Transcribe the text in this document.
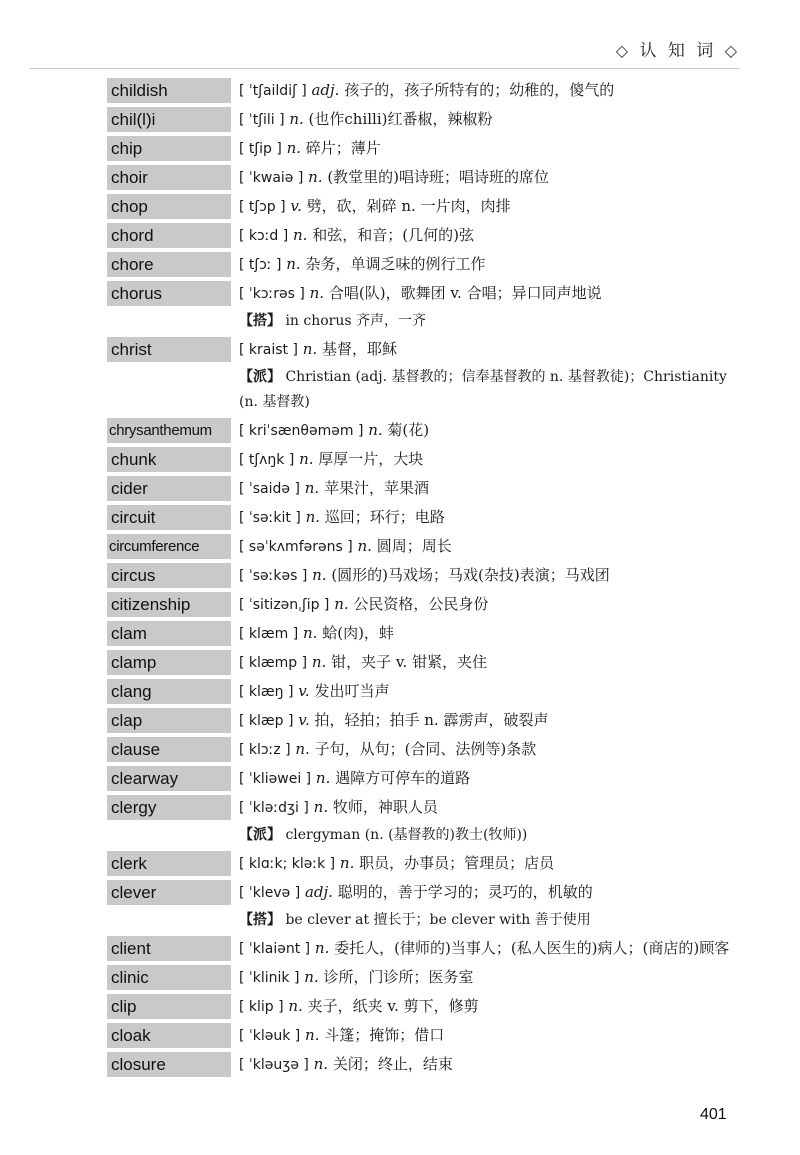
◇ 认 知 词 ◇
childish	[ ˈtʃaildiʃ ] adj. 孩子的，孩子所特有的；幼稚的，傻气的
chil(l)i	[ ˈtʃili ] n. (也作chilli)红番椒，辣椒粉
chip	[ tʃip ] n. 碎片；薄片
choir	[ ˈkwaiə ] n. (教堂里的)唱诗班；唱诗班的席位
chop	[ tʃɔp ] v. 劈，砍，剁碎 n. 一片肉，肉排
chord	[ kɔːd ] n. 和弦，和音；(几何的)弦
chore	[ tʃɔː ] n. 杂务，单调乏味的例行工作
chorus	[ ˈkɔːrəs ] n. 合唱(队)，歌舞团 v. 合唱；异口同声地说
【搭】 in chorus 齐声，一齐
christ	[ kraist ] n. 基督，耶稣
【派】 Christian (adj. 基督教的；信奉基督教的 n. 基督教徒)；Christianity (n. 基督教)
chrysanthemum	[ kriˈsænθəməm ] n. 菊(花)
chunk	[ tʃʌŋk ] n. 厚厚一片，大块
cider	[ ˈsaidə ] n. 苹果汁，苹果酒
circuit	[ ˈsəːkit ] n. 巡回；环行；电路
circumference	[ səˈkʌmfərəns ] n. 圆周；周长
circus	[ ˈsəːkəs ] n. (圆形的)马戏场；马戏(杂技)表演；马戏团
citizenship	[ ˈsitizənˌʃip ] n. 公民资格，公民身份
clam	[ klæm ] n. 蛤(肉)，蚌
clamp	[ klæmp ] n. 钳，夹子 v. 钳紧，夹住
clang	[ klæŋ ] v. 发出叮当声
clap	[ klæp ] v. 拍，轻拍；拍手 n. 霹雳声，破裂声
clause	[ klɔːz ] n. 子句，从句；(合同、法例等)条款
clearway	[ ˈkliəwei ] n. 遇障方可停车的道路
clergy	[ ˈkləːdʒi ] n. 牧师，神职人员
【派】 clergyman (n. (基督教的)教士(牧师))
clerk	[ klɑːk; kləːk ] n. 职员，办事员；管理员；店员
clever	[ ˈklevə ] adj. 聪明的，善于学习的；灵巧的，机敏的
【搭】 be clever at 擅长于；be clever with 善于使用
client	[ ˈklaiənt ] n. 委托人，(律师的)当事人；(私人医生的)病人；(商店的)顾客
clinic	[ ˈklinik ] n. 诊所，门诊所；医务室
clip	[ klip ] n. 夹子，纸夹 v. 剪下，修剪
cloak	[ ˈkləuk ] n. 斗篷；掩饰；借口
closure	[ ˈkləuʒə ] n. 关闭；终止，结束
401
